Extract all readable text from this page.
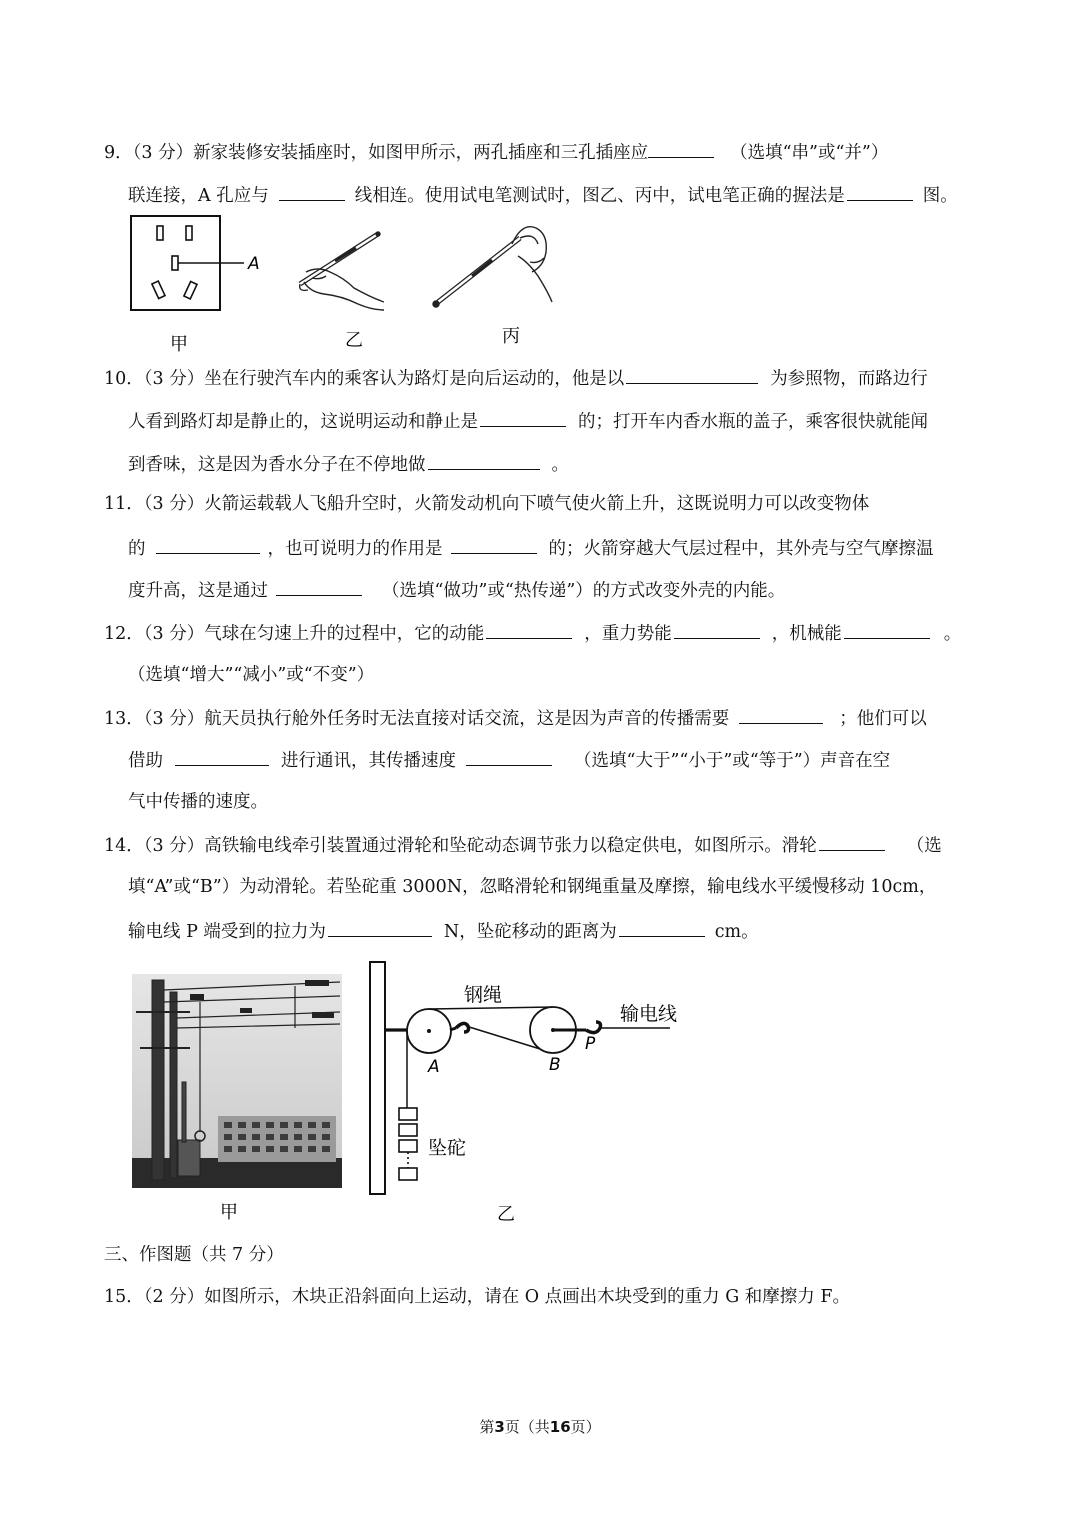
9．（3 分）新家装修安装插座时，如图甲所示，两孔插座和三孔插座应	（选填“串”或“并”）
联连接，A 孔应与	线相连。使用试电笔测试时，图乙、丙中，试电笔正确的握法是	图。
A
甲	乙	丙
10．（3 分）坐在行驶汽车内的乘客认为路灯是向后运动的，他是以	为参照物，而路边行
人看到路灯却是静止的，这说明运动和静止是	的；打开车内香水瓶的盖子，乘客很快就能闻
到香味，这是因为香水分子在不停地做	。
11．（3 分）火箭运载载人飞船升空时，火箭发动机向下喷气使火箭上升，这既说明力可以改变物体
的	，也可说明力的作用是	的；火箭穿越大气层过程中，其外壳与空气摩擦温
度升高，这是通过	（选填“做功”或“热传递”）的方式改变外壳的内能。
12．（3 分）气球在匀速上升的过程中，它的动能	，重力势能	，机械能	。
（选填“增大”“减小”或“不变”）
13．（3 分）航天员执行舱外任务时无法直接对话交流，这是因为声音的传播需要	；他们可以
借助	进行通讯，其传播速度	（选填“大于”“小于”或“等于”）声音在空
气中传播的速度。
14．（3 分）高铁输电线牵引装置通过滑轮和坠砣动态调节张力以稳定供电，如图所示。滑轮	（选
填“A”或“B”）为动滑轮。若坠砣重 3000N，忽略滑轮和钢绳重量及摩擦，输电线水平缓慢移动 10cm，
输电线 P 端受到的拉力为	N，坠砣移动的距离为	cm。
甲
钢绳
输电线
A	B
P
坠砣
乙
三、作图题（共 7 分）
15．（2 分）如图所示，木块正沿斜面向上运动，请在 O 点画出木块受到的重力 G 和摩擦力 F。
第3页（共16页）
